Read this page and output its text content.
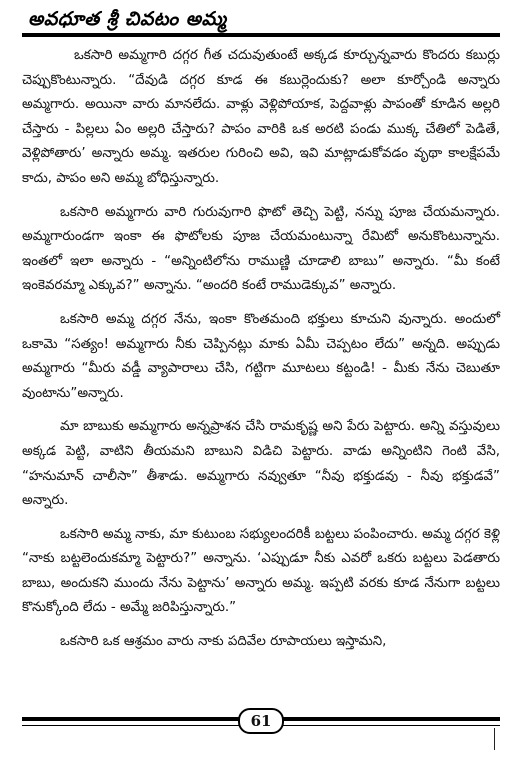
అవధూత శ్రీ చివటం అమ్మ

ఒకసారి అమ్మగారి దగ్గర గీత చదువుతుంటే అక్కడ కూర్చున్నవారు కొందరు కబుర్లు చెప్పుకొంటున్నారు. “దేవుడి దగ్గర కూడ ఈ కబుర్లెందుకు? అలా కూర్చోండి అన్నారు అమ్మగారు. అయినా వారు మానలేదు. వాళ్లు వెళ్లిపోయాక, పెద్దవాళ్లు పాపంతో కూడిన అల్లరి చేస్తారు - పిల్లలు ఏం అల్లరి చేస్తారు? పాపం వారికి ఒక అరటి పండు ముక్క చేతిలో పెడితే, వెళ్లిపోతారు’ అన్నారు అమ్మ. ఇతరుల గురించి అవి, ఇవి మాట్లాడుకోవడం వృథా కాలక్షేపమే కాదు, పాపం అని అమ్మ బోధిస్తున్నారు.

ఒకసారి అమ్మగారు వారి గురువుగారి ఫొటో తెచ్చి పెట్టి, నన్ను పూజ చేయమన్నారు. అమ్మగారుండగా ఇంకా ఈ ఫొటోలకు పూజ చేయమంటున్నా రేమిటో అనుకొంటున్నాను. ఇంతలో ఇలా అన్నారు - “అన్నింటిలోను రాముణ్ణి చూడాలి బాబు” అన్నారు. “మీ కంటే ఇంకెవరమ్మా ఎక్కువ?” అన్నాను. “అందరి కంటే రాముడెక్కువ” అన్నారు.

ఒకసారి అమ్మ దగ్గర నేను, ఇంకా కొంతమంది భక్తులు కూచుని వున్నారు. అందులో ఒకామె “సత్యం! అమ్మగారు నీకు చెప్పినట్లు మాకు ఏమీ చెప్పటం లేదు” అన్నది. అప్పుడు అమ్మగారు “మీరు వడ్డీ వ్యాపారాలు చేసి, గట్టిగా మూటలు కట్టండి! - మీకు నేను చెబుతూ వుంటాను”అన్నారు.

మా బాబుకు అమ్మగారు అన్నప్రాశన చేసి రామకృష్ణ అని పేరు పెట్టారు. అన్ని వస్తువులు అక్కడ పెట్టి, వాటిని తీయమని బాబుని విడిచి పెట్టారు. వాడు అన్నింటిని గెంటి వేసి, “హనుమాన్ చాలీసా” తీశాడు. అమ్మగారు నవ్వుతూ “నీవు భక్తుడవు - నీవు భక్తుడవే” అన్నారు.

ఒకసారి అమ్మ నాకు, మా కుటుంబ సభ్యులందరికీ బట్టలు పంపించారు. అమ్మ దగ్గర కెళ్లి “నాకు బట్టలెందుకమ్మా పెట్టారు?” అన్నాను. ‘ఎప్పుడూ నీకు ఎవరో ఒకరు బట్టలు పెడతారు బాబు, అందుకని ముందు నేను పెట్టాను’ అన్నారు అమ్మ. ఇప్పటి వరకు కూడ నేనుగా బట్టలు కొనుక్కోంది లేదు - అమ్మే జరిపిస్తున్నారు.”

ఒకసారి ఒక ఆశ్రమం వారు నాకు పదివేల రూపాయలు ఇస్తామని,

61
